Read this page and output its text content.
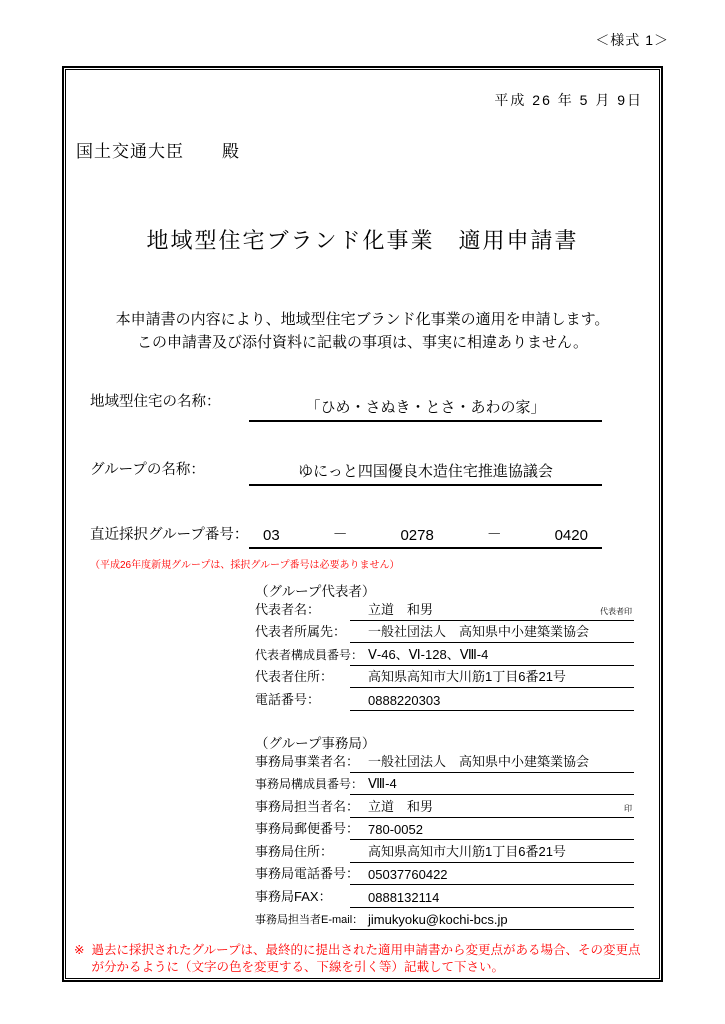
＜様式 1＞
平成 26 年 5 月 9日
国土交通大臣 殿
地域型住宅ブランド化事業　適用申請書
本申請書の内容により、地域型住宅ブランド化事業の適用を申請します。
この申請書及び添付資料に記載の事項は、事実に相違ありません。
地域型住宅の名称：	「ひめ・さぬき・とさ・あわの家」
グループの名称：	ゆにっと四国優良木造住宅推進協議会
直近採択グループ番号： 03	－	0278	－	0420
（平成26年度新規グループは、採択グループ番号は必要ありません）
（グループ代表者）
代表者名：	立道　和男	代表者印
代表者所属先：	一般社団法人　高知県中小建築業協会
代表者構成員番号： Ⅴ-46、Ⅵ-128、Ⅷ-4
代表者住所：	高知県高知市大川筋1丁目6番21号
電話番号：	0888220303
（グループ事務局）
事務局事業者名： 一般社団法人　高知県中小建築業協会
事務局構成員番号： Ⅷ-4
事務局担当者名： 立道　和男	印
事務局郵便番号： 780-0052
事務局住所：	高知県高知市大川筋1丁目6番21号
事務局電話番号： 05037760422
事務局FAX：	0888132114
事務局担当者E-mail： jimukyoku@kochi-bcs.jp
※ 過去に採択されたグループは、最終的に提出された適用申請書から変更点がある場合、その変更点が分かるように（文字の色を変更する、下線を引く等）記載して下さい。
